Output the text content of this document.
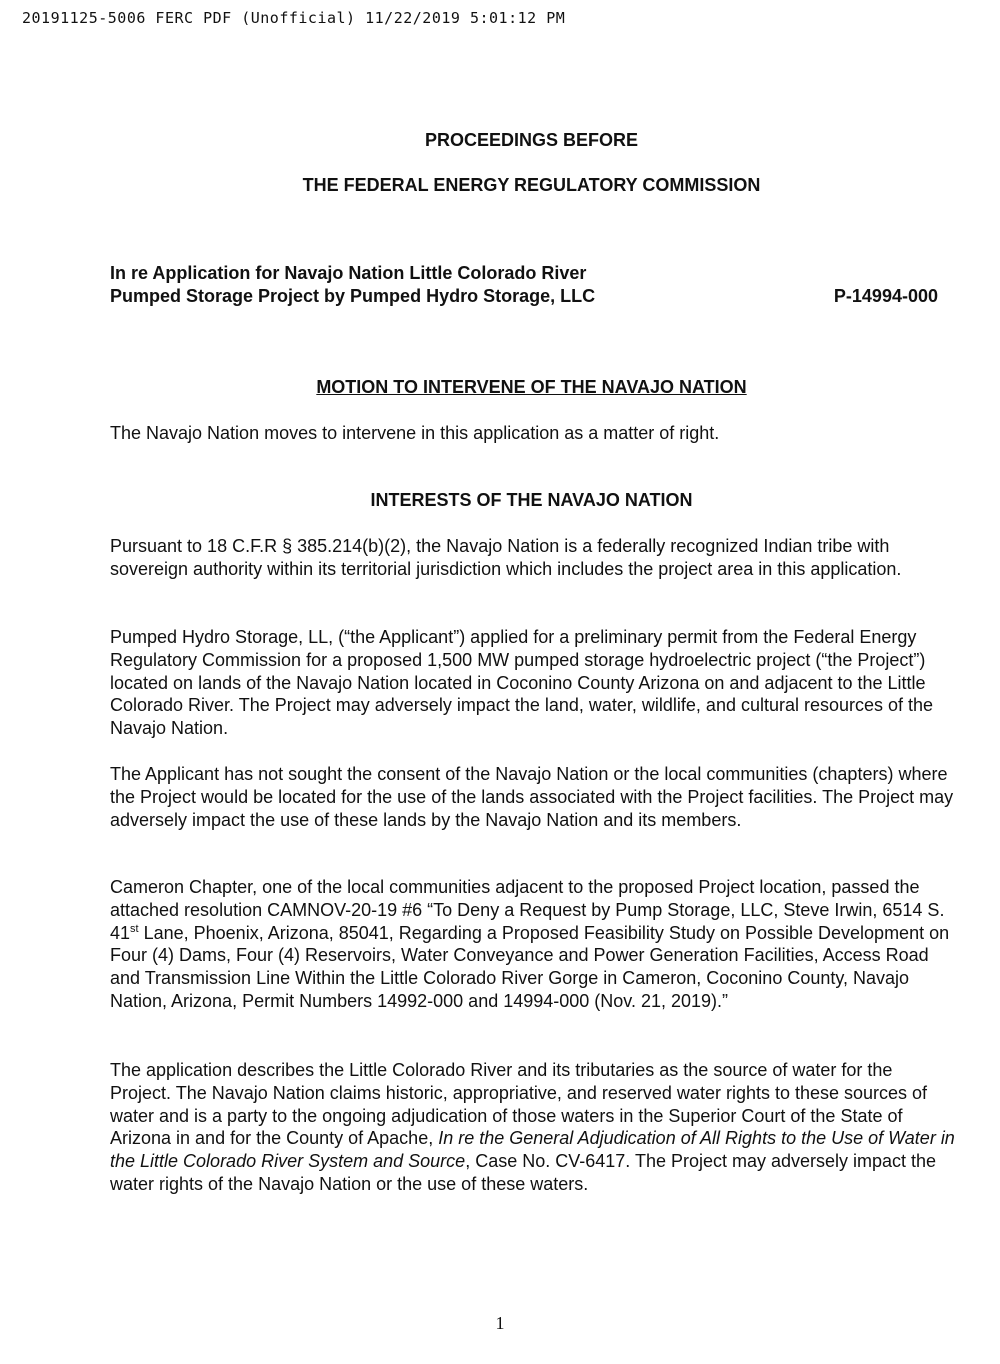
20191125-5006 FERC PDF (Unofficial) 11/22/2019 5:01:12 PM
PROCEEDINGS BEFORE
THE FEDERAL ENERGY REGULATORY COMMISSION
In re Application for Navajo Nation Little Colorado River
Pumped Storage Project by Pumped Hydro Storage, LLC	P-14994-000
MOTION TO INTERVENE OF THE NAVAJO NATION
The Navajo Nation moves to intervene in this application as a matter of right.
INTERESTS OF THE NAVAJO NATION
Pursuant to 18 C.F.R § 385.214(b)(2), the Navajo Nation is a federally recognized Indian tribe with sovereign authority within its territorial jurisdiction which includes the project area in this application.
Pumped Hydro Storage, LL, (“the Applicant”) applied for a preliminary permit from the Federal Energy Regulatory Commission for a proposed 1,500 MW pumped storage hydroelectric project (“the Project”) located on lands of the Navajo Nation located in Coconino County Arizona on and adjacent to the Little Colorado River. The Project may adversely impact the land, water, wildlife, and cultural resources of the Navajo Nation.
The Applicant has not sought the consent of the Navajo Nation or the local communities (chapters) where the Project would be located for the use of the lands associated with the Project facilities. The Project may adversely impact the use of these lands by the Navajo Nation and its members.
Cameron Chapter, one of the local communities adjacent to the proposed Project location, passed the attached resolution CAMNOV-20-19 #6 “To Deny a Request by Pump Storage, LLC, Steve Irwin, 6514 S. 41st Lane, Phoenix, Arizona, 85041, Regarding a Proposed Feasibility Study on Possible Development on Four (4) Dams, Four (4) Reservoirs, Water Conveyance and Power Generation Facilities, Access Road and Transmission Line Within the Little Colorado River Gorge in Cameron, Coconino County, Navajo Nation, Arizona, Permit Numbers 14992-000 and 14994-000 (Nov. 21, 2019).”
The application describes the Little Colorado River and its tributaries as the source of water for the Project. The Navajo Nation claims historic, appropriative, and reserved water rights to these sources of water and is a party to the ongoing adjudication of those waters in the Superior Court of the State of Arizona in and for the County of Apache, In re the General Adjudication of All Rights to the Use of Water in the Little Colorado River System and Source, Case No. CV-6417. The Project may adversely impact the water rights of the Navajo Nation or the use of these waters.
1
